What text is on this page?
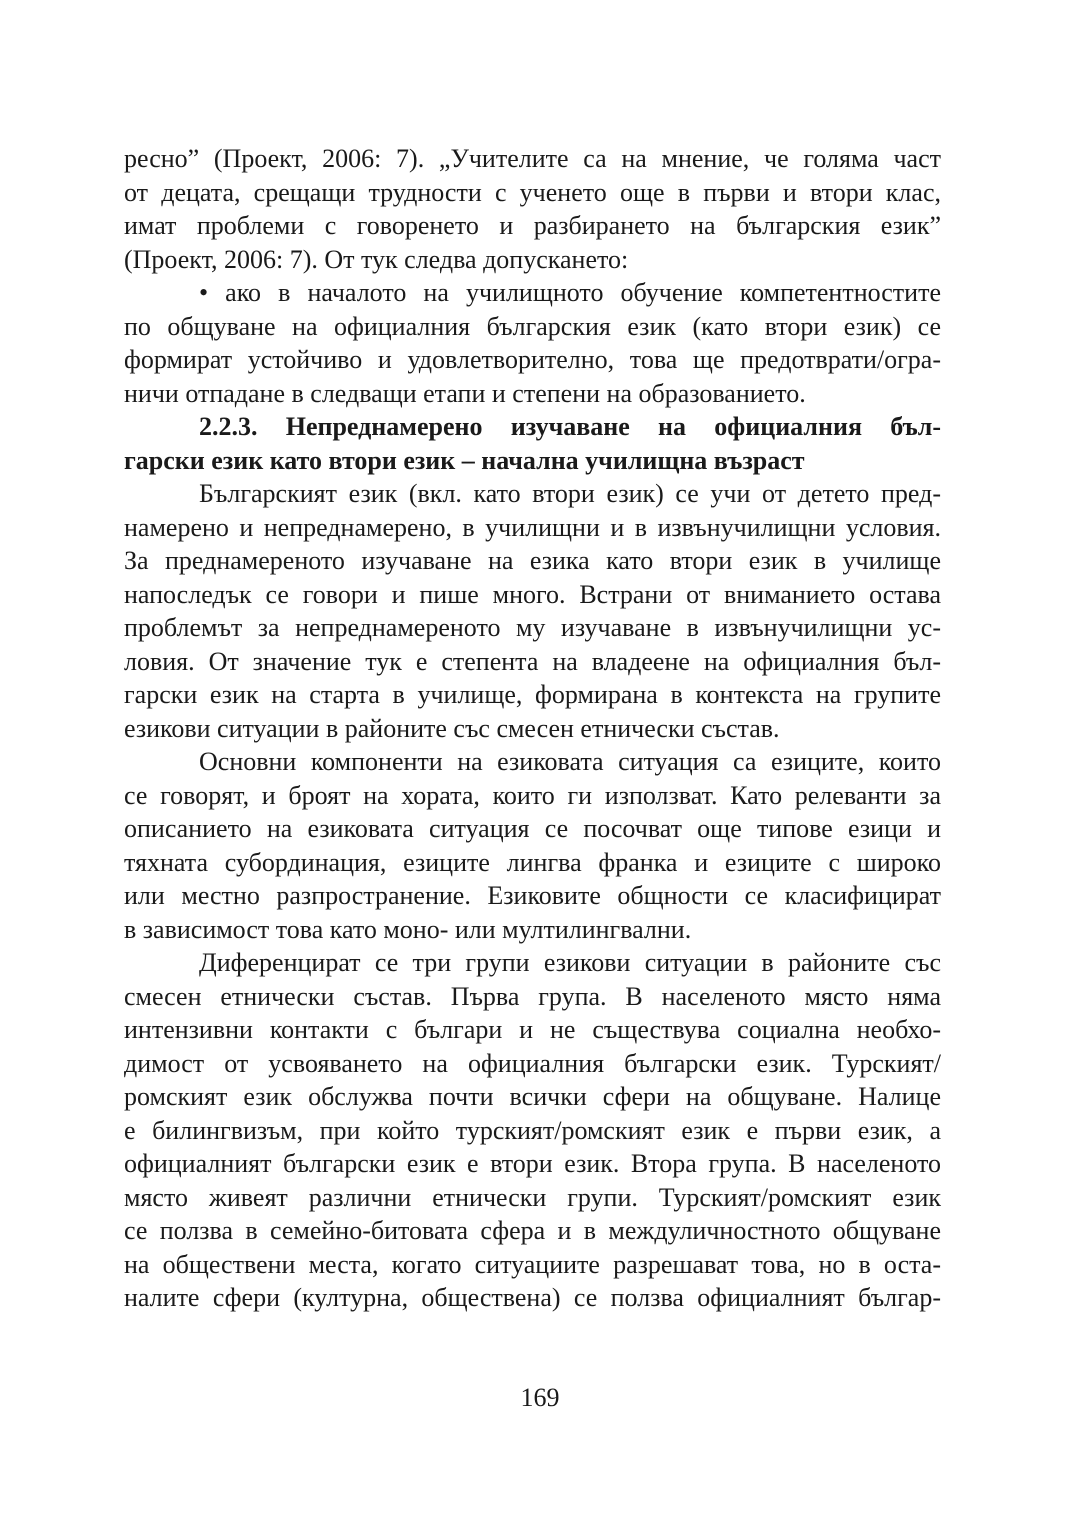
ресно” (Проект, 2006: 7). „Учителите са на мнение, че голяма част
от децата, срещащи трудности с ученето още в първи и втори клас,
имат проблеми с говоренето и разбирането на българския език”
(Проект, 2006: 7). От тук следва допускането:
• ако в началото на училищното обучение компетентностите
по общуване на официалния българския език (като втори език) се
формират устойчиво и удовлетворително, това ще предотврати/огра-
ничи отпадане в следващи етапи и степени на образованието.
2.2.3. Непреднамерено изучаване на официалния бъл-
гарски език като втори език – начална училищна възраст
Българският език (вкл. като втори език) се учи от детето пред-
намерено и непреднамерено, в училищни и в извънучилищни условия.
За преднамереното изучаване на езика като втори език в училище
напоследък се говори и пише много. Встрани от вниманието остава
проблемът за непреднамереното му изучаване в извънучилищни ус-
ловия. От значение тук е степента на владеене на официалния бъл-
гарски език на старта в училище, формирана в контекста на групите
езикови ситуации в районите със смесен етнически състав.
Основни компоненти на езиковата ситуация са езиците, които
се говорят, и броят на хората, които ги използват. Като релеванти за
описанието на езиковата ситуация се посочват още типове езици и
тяхната субординация, езиците лингва франка и езиците с широко
или местно разпространение. Езиковите общности се класифицират
в зависимост това като моно- или мултилингвални.
Диференцират се три групи езикови ситуации в районите със
смесен етнически състав. Първа група. В населеното място няма
интензивни контакти с българи и не съществува социална необхо-
димост от усвояването на официалния български език. Турският/
ромският език обслужва почти всички сфери на общуване. Налице
е билингвизъм, при който турският/ромският език е първи език, а
официалният български език е втори език. Втора група. В населеното
място живеят различни етнически групи. Турският/ромският език
се ползва в семейно-битовата сфера и в междуличностното общуване
на обществени места, когато ситуациите разрешават това, но в оста-
налите сфери (културна, обществена) се ползва официалният българ-
169
